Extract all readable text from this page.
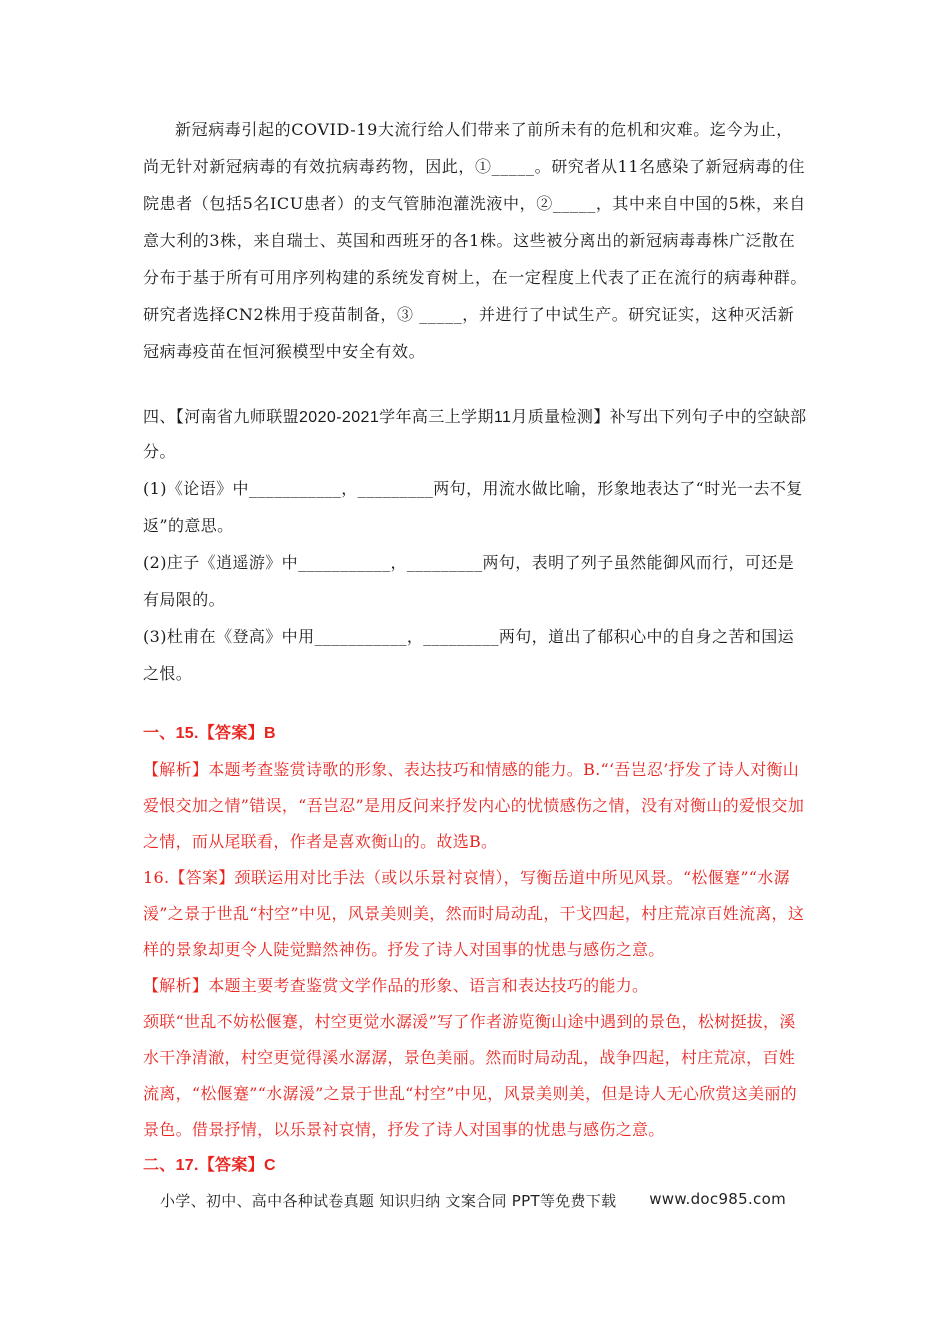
新冠病毒引起的COVID-19大流行给人们带来了前所未有的危机和灾难。迄今为止，尚无针对新冠病毒的有效抗病毒药物，因此，①_____。研究者从11名感染了新冠病毒的住院患者（包括5名ICU患者）的支气管肺泡灌洗液中，②_____，其中来自中国的5株，来自意大利的3株，来自瑞士、英国和西班牙的各1株。这些被分离出的新冠病毒毒株广泛散在分布于基于所有可用序列构建的系统发育树上，在一定程度上代表了正在流行的病毒种群。研究者选择CN2株用于疫苗制备，③ _____，并进行了中试生产。研究证实，这种灭活新冠病毒疫苗在恒河猴模型中安全有效。

四、【河南省九师联盟2020-2021学年高三上学期11月质量检测】补写出下列句子中的空缺部分。

(1)《论语》中___________，_________两句，用流水做比喻，形象地表达了“时光一去不复返”的意思。

(2)庄子《逍遥游》中___________，_________两句，表明了列子虽然能御风而行，可还是有局限的。

(3)杜甫在《登高》中用___________，_________两句，道出了郁积心中的自身之苦和国运之恨。

一、15.【答案】B

【解析】本题考查鉴赏诗歌的形象、表达技巧和情感的能力。B.“‘吾岂忍’抒发了诗人对衡山爱恨交加之情”错误，“吾岂忍”是用反问来抒发内心的忧愤感伤之情，没有对衡山的爱恨交加之情，而从尾联看，作者是喜欢衡山的。故选B。

16.【答案】颈联运用对比手法（或以乐景衬哀情），写衡岳道中所见风景。“松偃蹇”“水潺湲”之景于世乱“村空”中见，风景美则美，然而时局动乱，干戈四起，村庄荒凉百姓流离，这样的景象却更令人陡觉黯然神伤。抒发了诗人对国事的忧患与感伤之意。

【解析】本题主要考查鉴赏文学作品的形象、语言和表达技巧的能力。

颈联“世乱不妨松偃蹇，村空更觉水潺湲”写了作者游览衡山途中遇到的景色，松树挺拔，溪水干净清澈，村空更觉得溪水潺潺，景色美丽。然而时局动乱，战争四起，村庄荒凉，百姓流离，“松偃蹇”“水潺湲”之景于世乱“村空”中见，风景美则美，但是诗人无心欣赏这美丽的景色。借景抒情，以乐景衬哀情，抒发了诗人对国事的忧患与感伤之意。

二、17.【答案】C

小学、初中、高中各种试卷真题 知识归纳 文案合同 PPT等免费下载 www.doc985.com
